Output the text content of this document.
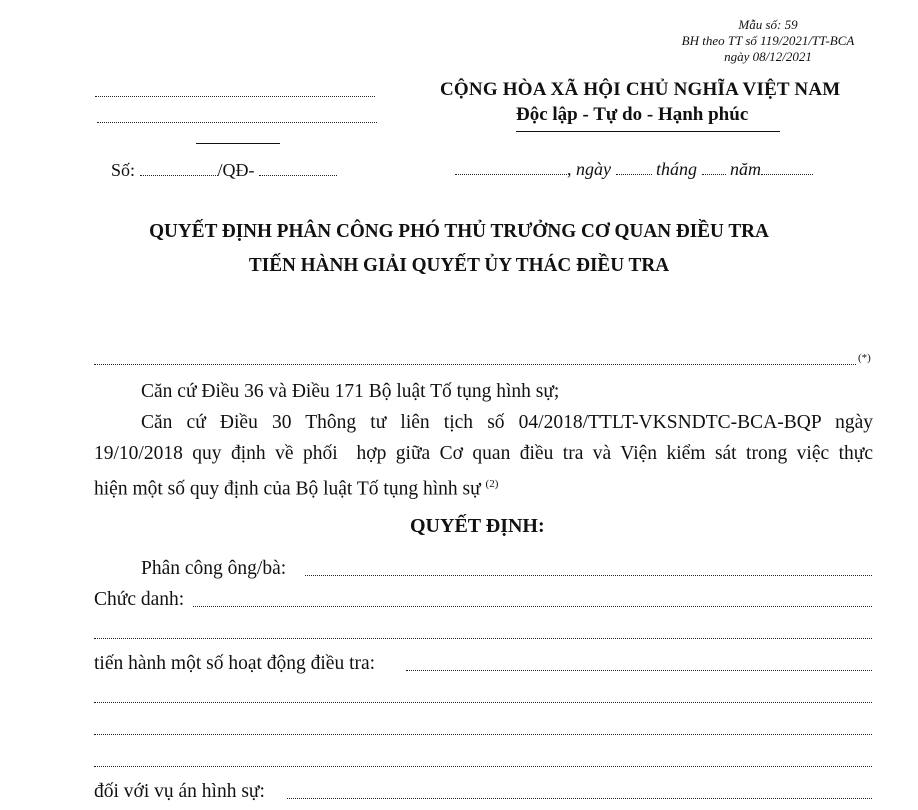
Mẫu số: 59
BH theo TT số 119/2021/TT-BCA
ngày 08/12/2021
CỘNG HÒA XÃ HỘI CHỦ NGHĨA VIỆT NAM
Độc lập - Tự do - Hạnh phúc
Số:	/QĐ-	, ngày	tháng năm
QUYẾT ĐỊNH PHÂN CÔNG PHÓ THỦ TRƯỞNG CƠ QUAN ĐIỀU TRA
TIẾN HÀNH GIẢI QUYẾT ỦY THÁC ĐIỀU TRA
(*)
Căn cứ Điều 36 và Điều 171 Bộ luật Tố tụng hình sự;
Căn cứ Điều 30 Thông tư liên tịch số 04/2018/TTLT-VKSNDTC-BCA-BQP ngày
19/10/2018 quy định về phối  hợp giữa Cơ quan điều tra và Viện kiểm sát trong việc thực
hiện một số quy định của Bộ luật Tố tụng hình sự $^{(2)}$
QUYẾT ĐỊNH:
Phân công ông/bà:
Chức danh:
tiến hành một số hoạt động điều tra:
đối với vụ án hình sự:
